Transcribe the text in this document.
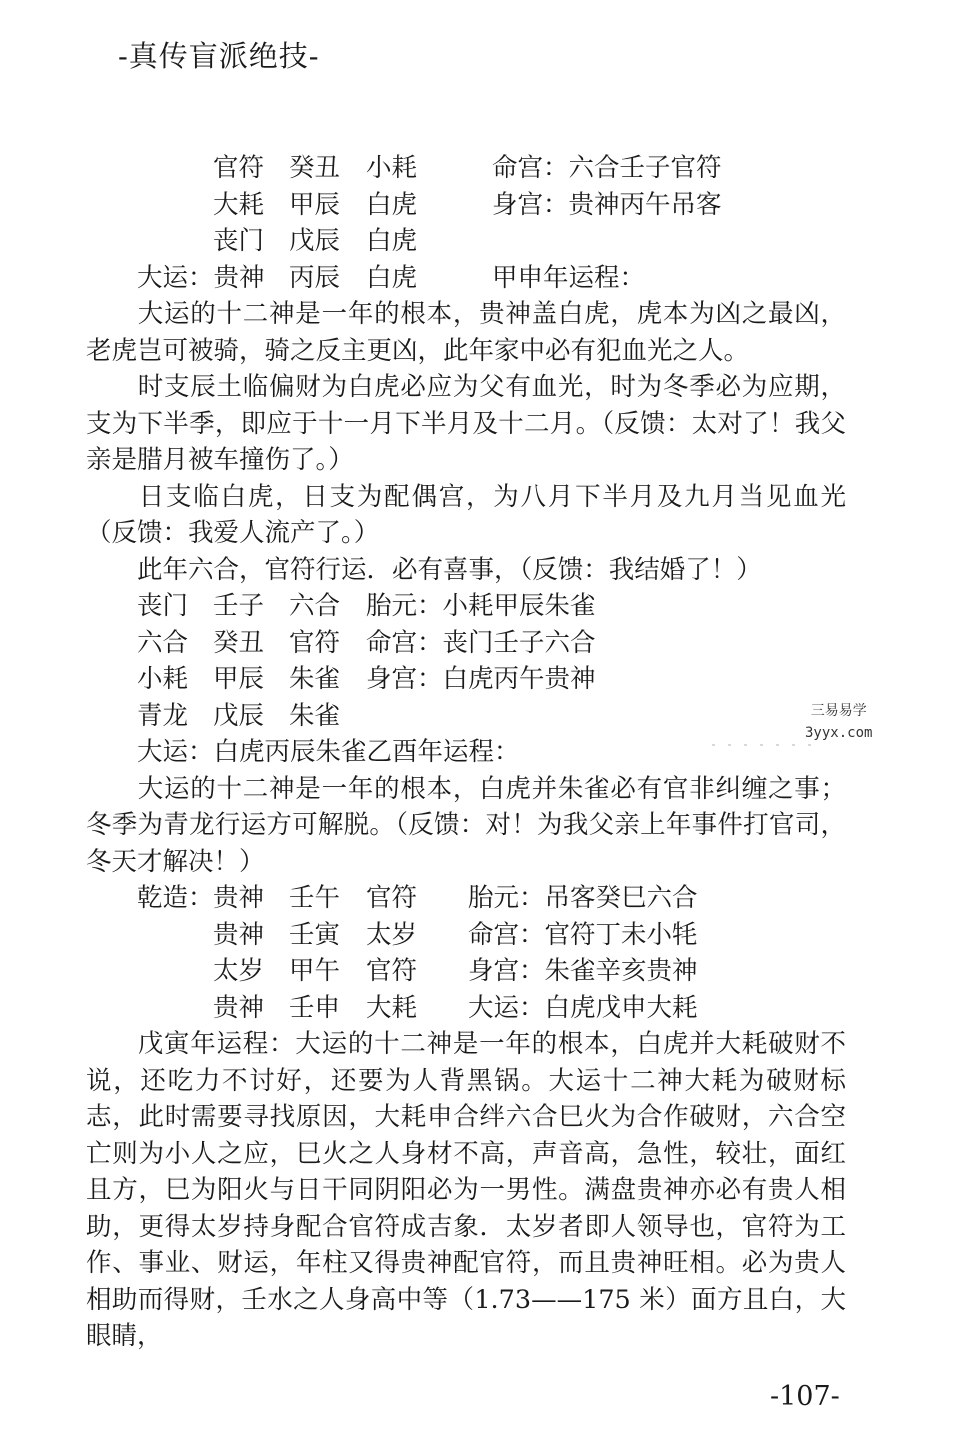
-真传盲派绝技-
官符 癸丑 小耗	命宫：六合壬子官符
大耗 甲辰 白虎	身宫：贵神丙午吊客
丧门 戊辰 白虎
大运：贵神 丙辰 白虎	甲申年运程：
大运的十二神是一年的根本，贵神盖白虎，虎本为凶之最凶，老虎岂可被骑，骑之反主更凶，此年家中必有犯血光之人。
时支辰土临偏财为白虎必应为父有血光，时为冬季必为应期，支为下半季，即应于十一月下半月及十二月。（反馈：太对了！我父亲是腊月被车撞伤了。）
日支临白虎，日支为配偶宫，为八月下半月及九月当见血光（反馈：我爱人流产了。）
此年六合，官符行运．必有喜事，（反馈：我结婚了！）
丧门 壬子 六合 胎元：小耗甲辰朱雀
六合 癸丑 官符 命宫：丧门壬子六合
小耗 甲辰 朱雀 身宫：白虎丙午贵神
青龙 戊辰 朱雀
大运：白虎丙辰朱雀乙酉年运程：
大运的十二神是一年的根本，白虎并朱雀必有官非纠缠之事；冬季为青龙行运方可解脱。（反馈：对！为我父亲上年事件打官司，冬天才解决！）
乾造： 贵神 壬午 官符 胎元：吊客癸巳六合
贵神 壬寅 太岁 命宫：官符丁未小牦
太岁 甲午 官符 身宫：朱雀辛亥贵神
贵神 壬申 大耗 大运：白虎戊申大耗
戊寅年运程：大运的十二神是一年的根本，白虎并大耗破财不说，还吃力不讨好，还要为人背黑锅。大运十二神大耗为破财标志，此时需要寻找原因，大耗申合绊六合巳火为合作破财，六合空亡则为小人之应，巳火之人身材不高，声音高，急性，较壮，面红且方，巳为阳火与日干同阴阳必为一男性。满盘贵神亦必有贵人相助，更得太岁持身配合官符成吉象．太岁者即人领导也，官符为工作、事业、财运，年柱又得贵神配官符，而且贵神旺相。必为贵人相助而得财，壬水之人身高中等（1.73——175 米）面方且白，大眼睛，
三易易学
3yyx.com
-107-
